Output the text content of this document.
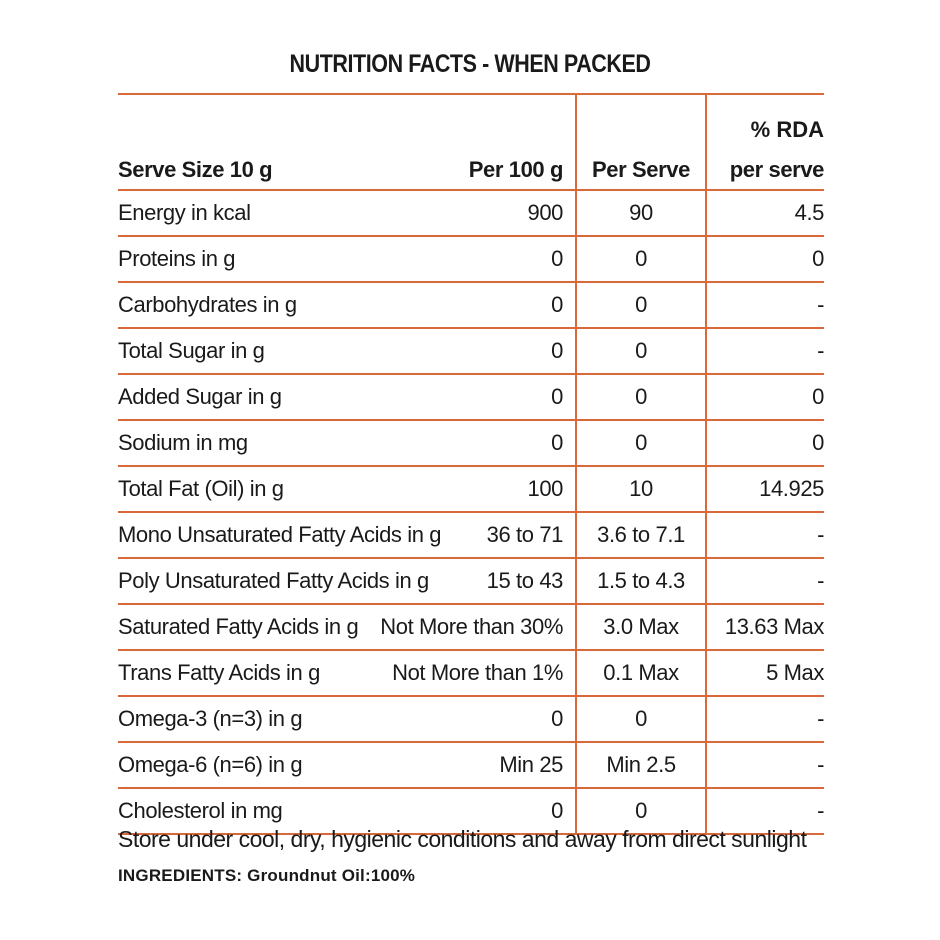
NUTRITION FACTS - WHEN PACKED
Serve Size 10 g Per 100 g	Per Serve	% RDA
per serve

Energy in kcal 900	90	4.5

Proteins in g 0	0	0

Carbohydrates in g 0	0	-

Total Sugar in g 0	0	-

Added Sugar in g 0	0	0

Sodium in mg 0	0	0

Total Fat (Oil) in g 100	10	14.925

Mono Unsaturated Fatty Acids in g 36 to 71	3.6 to 7.1	-

Poly Unsaturated Fatty Acids in g 15 to 43	1.5 to 4.3	-

Saturated Fatty Acids in g Not More than 30%	3.0 Max	13.63 Max

Trans Fatty Acids in g Not More than 1%	0.1 Max	5 Max

Omega-3 (n=3) in g 0	0	-

Omega-6 (n=6) in g Min 25	Min 2.5	-

Cholesterol in mg 0	0	-
Store under cool, dry, hygienic conditions and away from direct sunlight
INGREDIENTS: Groundnut Oil:100%
